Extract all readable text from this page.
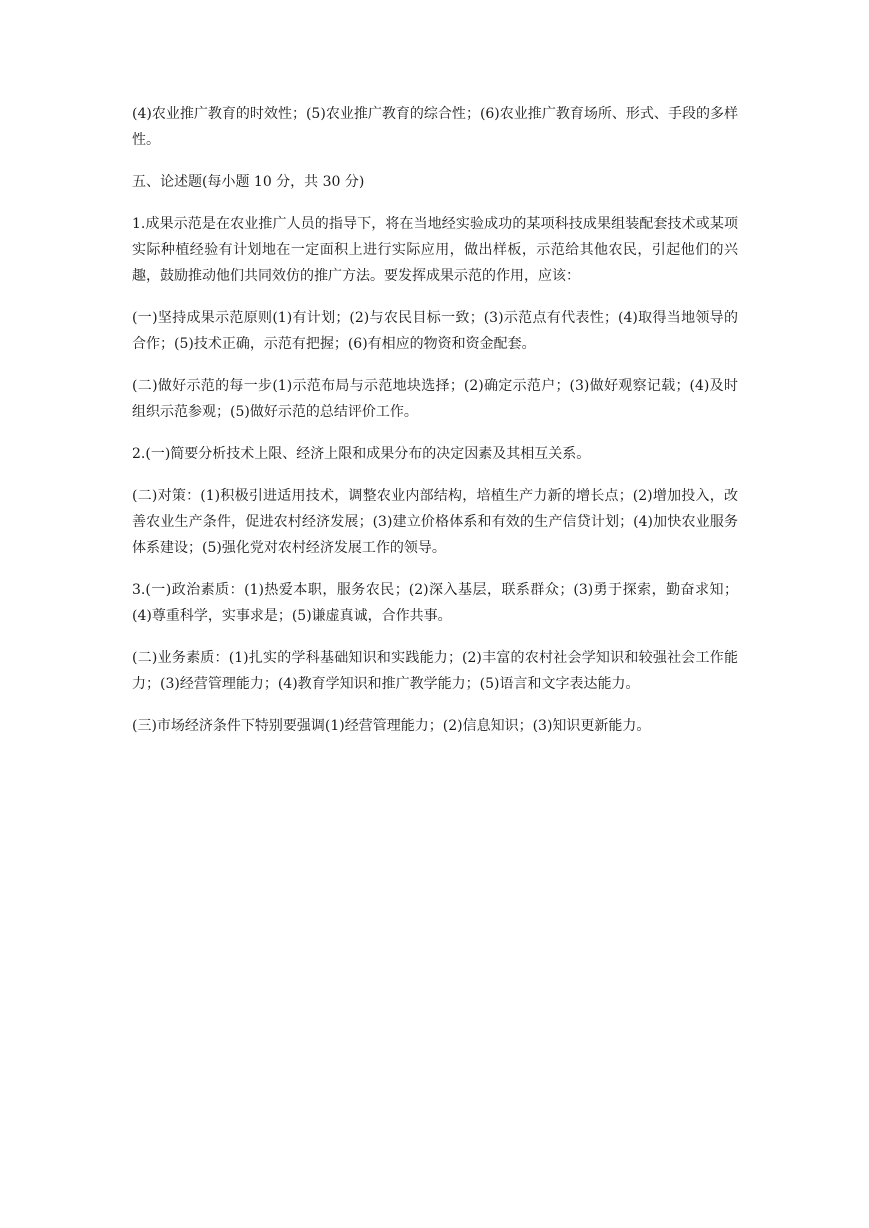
(4)农业推广教育的时效性；(5)农业推广教育的综合性；(6)农业推广教育场所、形式、手段的多样性。

五、论述题(每小题 10 分，共 30 分)

1.成果示范是在农业推广人员的指导下，将在当地经实验成功的某项科技成果组装配套技术或某项实际种植经验有计划地在一定面积上进行实际应用，做出样板，示范给其他农民，引起他们的兴趣，鼓励推动他们共同效仿的推广方法。要发挥成果示范的作用，应该：

(一)坚持成果示范原则(1)有计划；(2)与农民目标一致；(3)示范点有代表性；(4)取得当地领导的合作；(5)技术正确，示范有把握；(6)有相应的物资和资金配套。

(二)做好示范的每一步(1)示范布局与示范地块选择；(2)确定示范户；(3)做好观察记载；(4)及时组织示范参观；(5)做好示范的总结评价工作。

2.(一)简要分析技术上限、经济上限和成果分布的决定因素及其相互关系。

(二)对策：(1)积极引进适用技术，调整农业内部结构，培植生产力新的增长点；(2)增加投入，改善农业生产条件，促进农村经济发展；(3)建立价格体系和有效的生产信贷计划；(4)加快农业服务体系建设；(5)强化党对农村经济发展工作的领导。

3.(一)政治素质：(1)热爱本职，服务农民；(2)深入基层，联系群众；(3)勇于探索，勤奋求知；(4)尊重科学，实事求是；(5)谦虚真诚，合作共事。

(二)业务素质：(1)扎实的学科基础知识和实践能力；(2)丰富的农村社会学知识和较强社会工作能力；(3)经营管理能力；(4)教育学知识和推广教学能力；(5)语言和文字表达能力。

(三)市场经济条件下特别要强调(1)经营管理能力；(2)信息知识；(3)知识更新能力。
